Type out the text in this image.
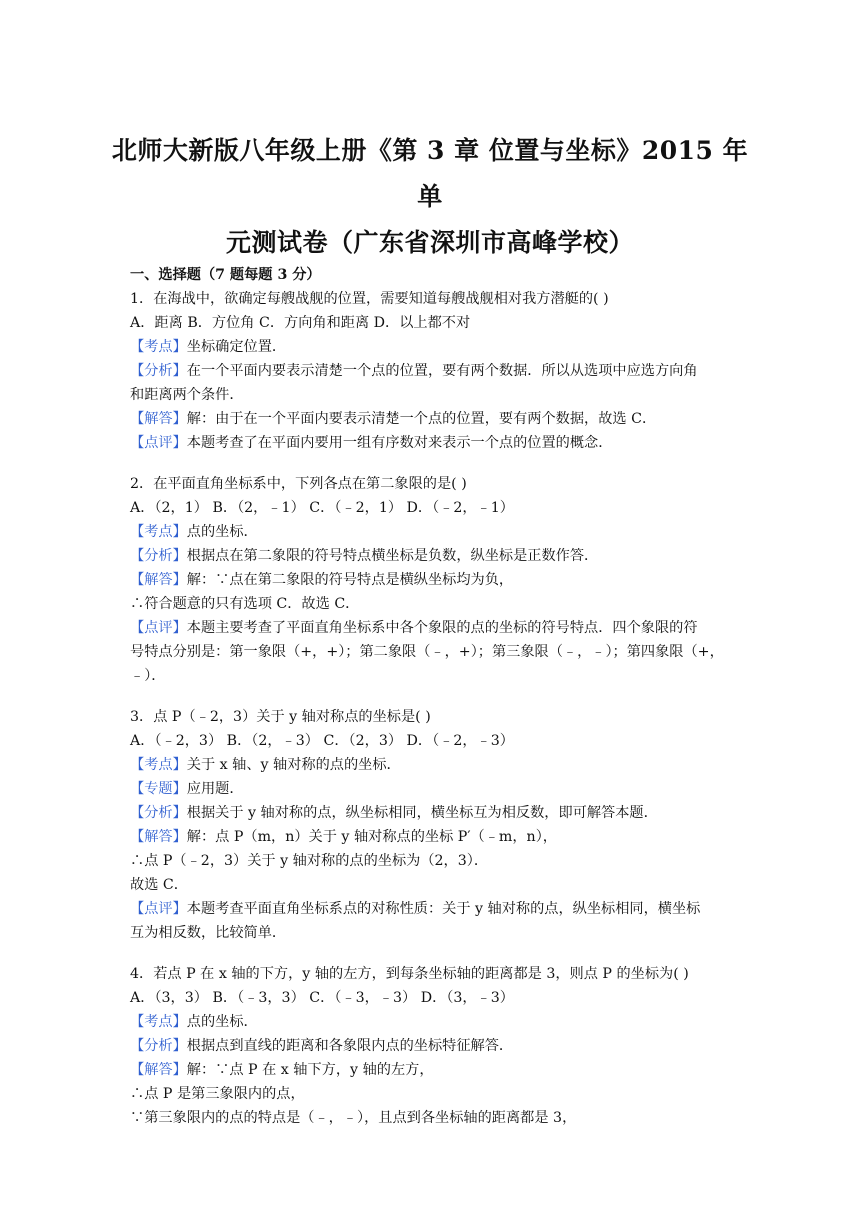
北师大新版八年级上册《第 3 章 位置与坐标》2015 年单
元测试卷（广东省深圳市高峰学校）
一、选择题（7 题每题 3 分）
1．在海战中，欲确定每艘战舰的位置，需要知道每艘战舰相对我方潜艇的( )
A．距离 B．方位角 C．方向角和距离 D．以上都不对
【考点】坐标确定位置．
【分析】在一个平面内要表示清楚一个点的位置，要有两个数据．所以从选项中应选方向角
和距离两个条件．
【解答】解：由于在一个平面内要表示清楚一个点的位置，要有两个数据，故选 C．
【点评】本题考查了在平面内要用一组有序数对来表示一个点的位置的概念．
2．在平面直角坐标系中，下列各点在第二象限的是( )
A．（2，1） B．（2，﹣1） C．（﹣2，1） D．（﹣2，﹣1）
【考点】点的坐标．
【分析】根据点在第二象限的符号特点横坐标是负数，纵坐标是正数作答．
【解答】解：∵点在第二象限的符号特点是横纵坐标均为负，
∴符合题意的只有选项 C．故选 C．
【点评】本题主要考查了平面直角坐标系中各个象限的点的坐标的符号特点．四个象限的符
号特点分别是：第一象限（+，+）；第二象限（﹣，+）；第三象限（﹣，﹣）；第四象限（+，
﹣）．
3．点 P（﹣2，3）关于 y 轴对称点的坐标是( )
A．（﹣2，3） B．（2，﹣3） C．（2，3） D．（﹣2，﹣3）
【考点】关于 x 轴、y 轴对称的点的坐标．
【专题】应用题．
【分析】根据关于 y 轴对称的点，纵坐标相同，横坐标互为相反数，即可解答本题．
【解答】解：点 P（m，n）关于 y 轴对称点的坐标 P′（﹣m，n），
∴点 P（﹣2，3）关于 y 轴对称的点的坐标为（2，3）．
故选 C．
【点评】本题考查平面直角坐标系点的对称性质：关于 y 轴对称的点，纵坐标相同，横坐标
互为相反数，比较简单．
4．若点 P 在 x 轴的下方，y 轴的左方，到每条坐标轴的距离都是 3，则点 P 的坐标为( )
A．（3，3） B．（﹣3，3） C．（﹣3，﹣3） D．（3，﹣3）
【考点】点的坐标．
【分析】根据点到直线的距离和各象限内点的坐标特征解答．
【解答】解：∵点 P 在 x 轴下方，y 轴的左方，
∴点 P 是第三象限内的点，
∵第三象限内的点的特点是（﹣，﹣），且点到各坐标轴的距离都是 3，
